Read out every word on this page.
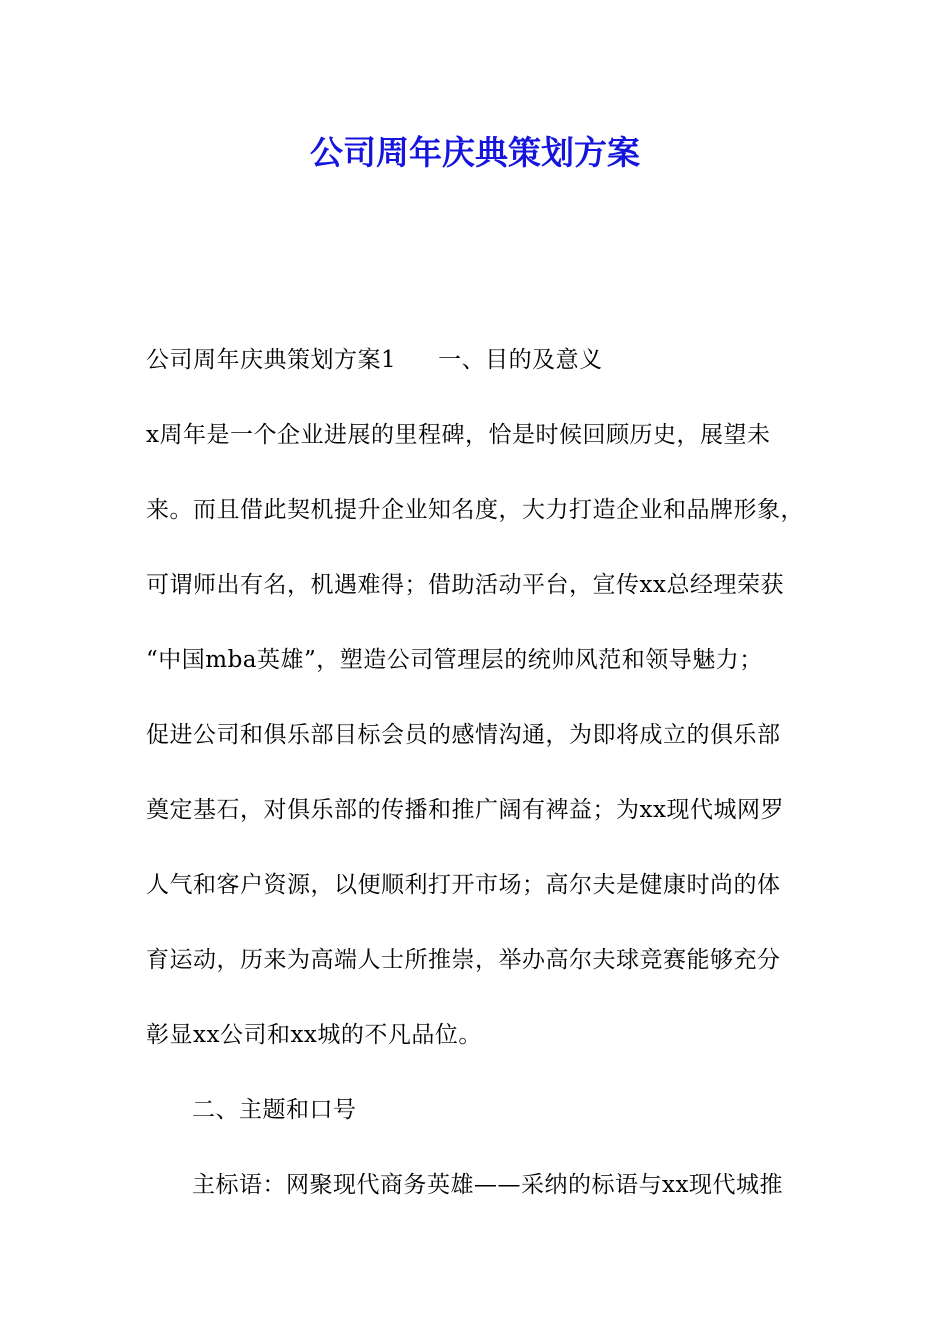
公司周年庆典策划方案
公司周年庆典策划方案1 一、目的及意义
x周年是一个企业进展的里程碑，恰是时候回顾历史，展望未
来。而且借此契机提升企业知名度，大力打造企业和品牌形象，
可谓师出有名，机遇难得；借助活动平台，宣传xx总经理荣获
“中国mba英雄”，塑造公司管理层的统帅风范和领导魅力；
促进公司和俱乐部目标会员的感情沟通，为即将成立的俱乐部
奠定基石，对俱乐部的传播和推广阔有裨益；为xx现代城网罗
人气和客户资源，以便顺利打开市场；高尔夫是健康时尚的体
育运动，历来为高端人士所推崇，举办高尔夫球竞赛能够充分
彰显xx公司和xx城的不凡品位。
二、主题和口号
主标语：网聚现代商务英雄——采纳的标语与xx现代城推
